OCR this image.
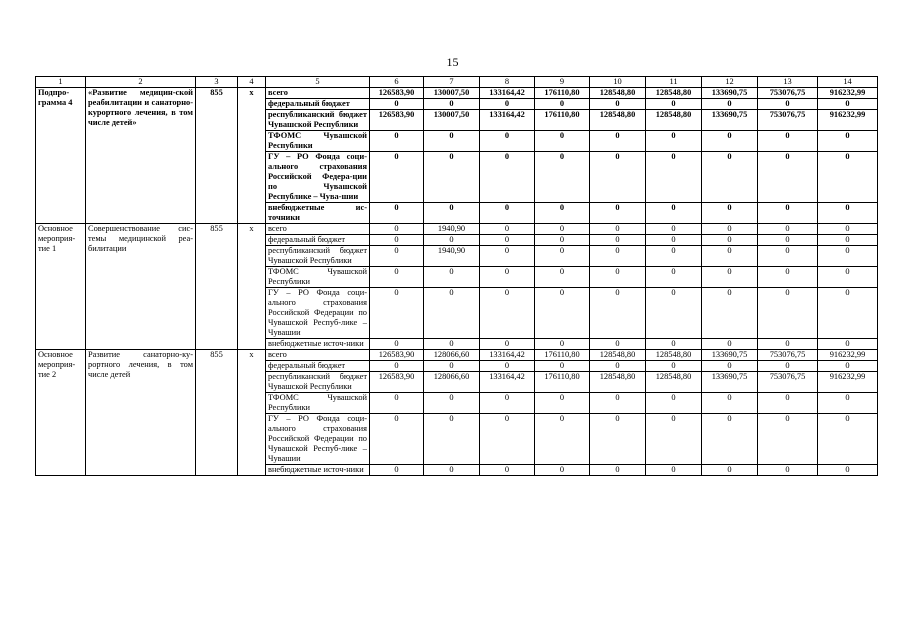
15
1	2	3	4	5	6	7	8	9	10	11	12	13	14
Подпро-грамма 4	«Развитие медицин-ской реабилитации и санаторно-курортного лечения, в том числе детей»	855	х	всего	126583,90	130007,50	133164,42	176110,80	128548,80	128548,80	133690,75	753076,75	916232,99
				федеральный бюджет	0	0	0	0	0	0	0	0	0
				республиканский бюджет Чувашской Республики	126583,90	130007,50	133164,42	176110,80	128548,80	128548,80	133690,75	753076,75	916232,99
				ТФОМС Чувашской Республики	0	0	0	0	0	0	0	0	0
				ГУ – РО Фонда соци-ального страхования Российской Федера-ции по Чувашской Республике – Чува-шии	0	0	0	0	0	0	0	0	0
				внебюджетные ис-точники	0	0	0	0	0	0	0	0	0
Основное мероприя-тие 1	Совершенствование сис-темы медицинской реа-билитации	855	х	всего	0	1940,90	0	0	0	0	0	0	0
				федеральный бюджет	0	0	0	0	0	0	0	0	0
				республиканский бюджет Чувашской Республики	0	1940,90	0	0	0	0	0	0	0
				ТФОМС Чувашской Республики	0	0	0	0	0	0	0	0	0
				ГУ – РО Фонда соци-ального страхования Российской Федерации по Чувашской Респуб-лике – Чувашии	0	0	0	0	0	0	0	0	0
				внебюджетные источ-ники	0	0	0	0	0	0	0	0	0
Основное мероприя-тие 2	Развитие санаторно-ку-рортного лечения, в том числе детей	855	х	всего	126583,90	128066,60	133164,42	176110,80	128548,80	128548,80	133690,75	753076,75	916232,99
				федеральный бюджет	0	0	0	0	0	0	0	0	0
				республиканский бюджет Чувашской Республики	126583,90	128066,60	133164,42	176110,80	128548,80	128548,80	133690,75	753076,75	916232,99
				ТФОМС Чувашской Республики	0	0	0	0	0	0	0	0	0
				ГУ – РО Фонда соци-ального страхования Российской Федерации по Чувашской Респуб-лике – Чувашии	0	0	0	0	0	0	0	0	0
				внебюджетные источ-ники	0	0	0	0	0	0	0	0	0
